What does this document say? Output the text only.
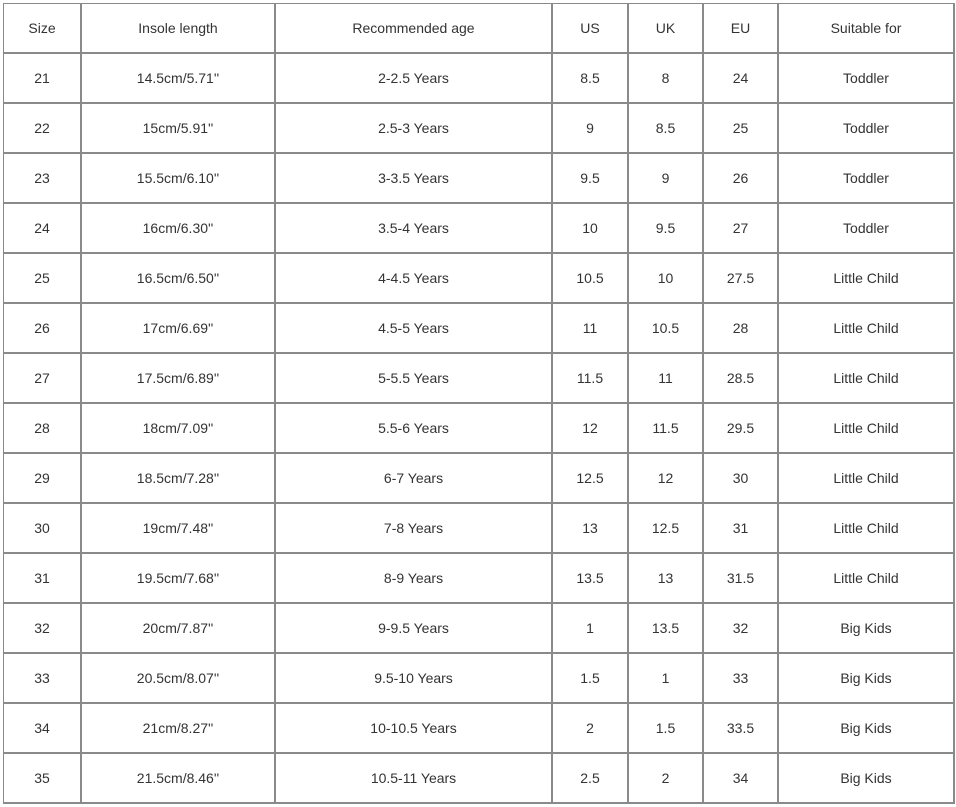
Size	Insole length	Recommended age	US	UK	EU	Suitable for
21	14.5cm/5.71''	2-2.5 Years	8.5	8	24	Toddler
22	15cm/5.91''	2.5-3 Years	9	8.5	25	Toddler
23	15.5cm/6.10''	3-3.5 Years	9.5	9	26	Toddler
24	16cm/6.30''	3.5-4 Years	10	9.5	27	Toddler
25	16.5cm/6.50''	4-4.5 Years	10.5	10	27.5	Little Child
26	17cm/6.69''	4.5-5 Years	11	10.5	28	Little Child
27	17.5cm/6.89''	5-5.5 Years	11.5	11	28.5	Little Child
28	18cm/7.09''	5.5-6 Years	12	11.5	29.5	Little Child
29	18.5cm/7.28''	6-7 Years	12.5	12	30	Little Child
30	19cm/7.48''	7-8 Years	13	12.5	31	Little Child
31	19.5cm/7.68''	8-9 Years	13.5	13	31.5	Little Child
32	20cm/7.87''	9-9.5 Years	1	13.5	32	Big Kids
33	20.5cm/8.07''	9.5-10 Years	1.5	1	33	Big Kids
34	21cm/8.27''	10-10.5 Years	2	1.5	33.5	Big Kids
35	21.5cm/8.46''	10.5-11 Years	2.5	2	34	Big Kids
